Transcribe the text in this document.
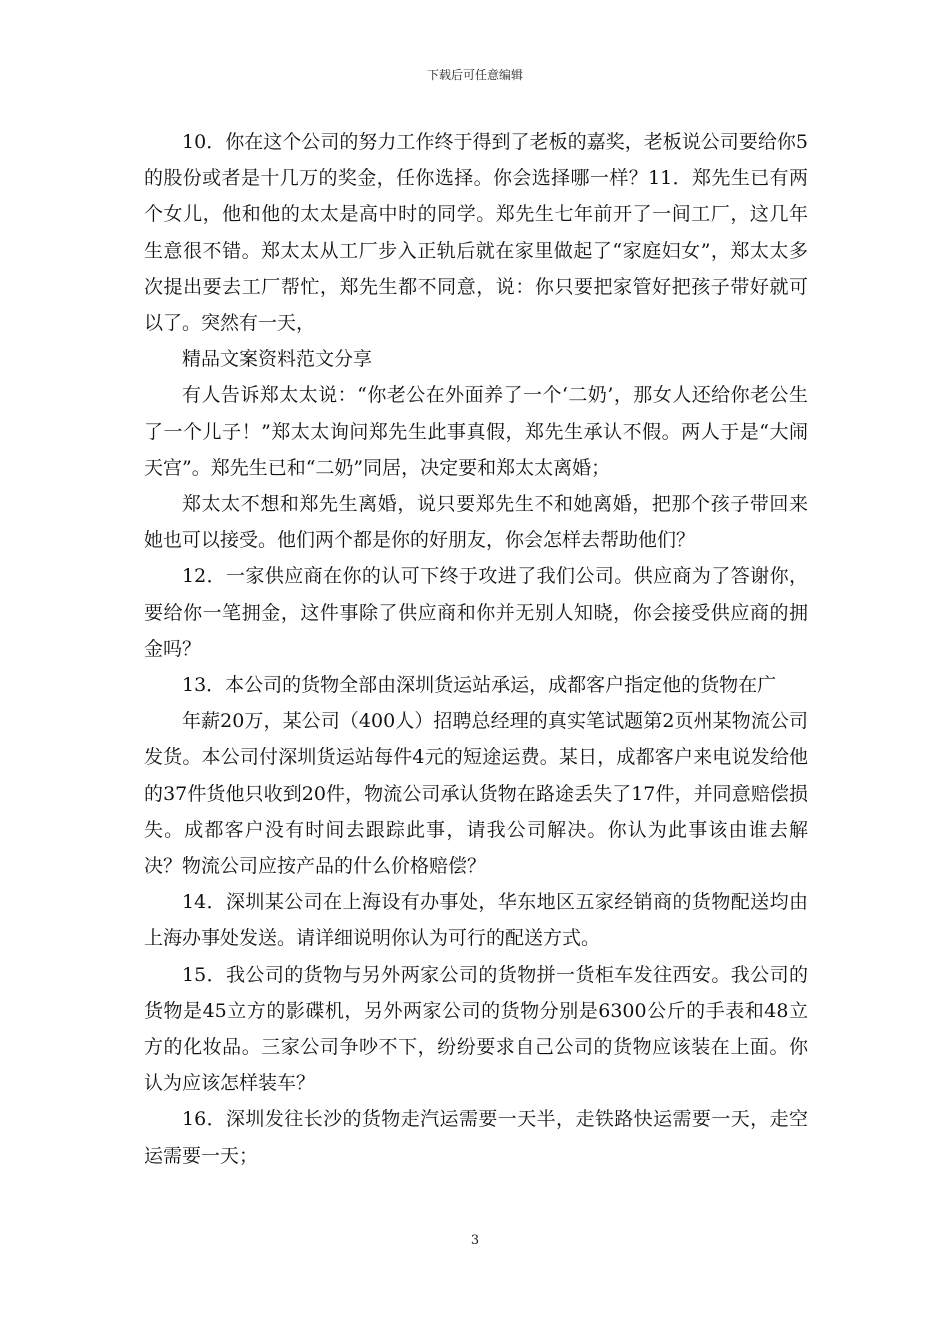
下载后可任意编辑

10．你在这个公司的努力工作终于得到了老板的嘉奖，老板说公司要给你5的股份或者是十几万的奖金，任你选择。你会选择哪一样？11．郑先生已有两个女儿，他和他的太太是高中时的同学。郑先生七年前开了一间工厂，这几年生意很不错。郑太太从工厂步入正轨后就在家里做起了“家庭妇女”，郑太太多次提出要去工厂帮忙，郑先生都不同意，说：你只要把家管好把孩子带好就可以了。突然有一天，

精品文案资料范文分享

有人告诉郑太太说：“你老公在外面养了一个‘二奶’，那女人还给你老公生了一个儿子！”郑太太询问郑先生此事真假，郑先生承认不假。两人于是“大闹天宫”。郑先生已和“二奶”同居，决定要和郑太太离婚；

郑太太不想和郑先生离婚，说只要郑先生不和她离婚，把那个孩子带回来她也可以接受。他们两个都是你的好朋友，你会怎样去帮助他们？

12．一家供应商在你的认可下终于攻进了我们公司。供应商为了答谢你，要给你一笔拥金，这件事除了供应商和你并无别人知晓，你会接受供应商的拥金吗？

13．本公司的货物全部由深圳货运站承运，成都客户指定他的货物在广

年薪20万，某公司（400人）招聘总经理的真实笔试题第2页州某物流公司发货。本公司付深圳货运站每件4元的短途运费。某日，成都客户来电说发给他的37件货他只收到20件，物流公司承认货物在路途丢失了17件，并同意赔偿损失。成都客户没有时间去跟踪此事，请我公司解决。你认为此事该由谁去解决？物流公司应按产品的什么价格赔偿？

14．深圳某公司在上海设有办事处，华东地区五家经销商的货物配送均由上海办事处发送。请详细说明你认为可行的配送方式。

15．我公司的货物与另外两家公司的货物拼一货柜车发往西安。我公司的货物是45立方的影碟机，另外两家公司的货物分别是6300公斤的手表和48立方的化妆品。三家公司争吵不下，纷纷要求自己公司的货物应该装在上面。你认为应该怎样装车？

16．深圳发往长沙的货物走汽运需要一天半，走铁路快运需要一天，走空运需要一天；

3
